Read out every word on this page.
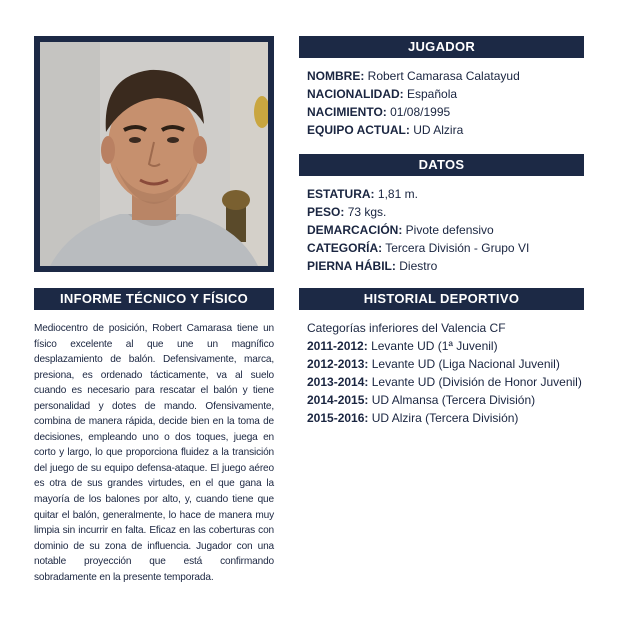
JUGADOR
NOMBRE: Robert Camarasa Calatayud
NACIONALIDAD: Española
NACIMIENTO: 01/08/1995
EQUIPO ACTUAL: UD Alzira
DATOS
ESTATURA: 1,81 m.
PESO: 73 kgs.
DEMARCACIÓN: Pivote defensivo
CATEGORÍA: Tercera División - Grupo VI
PIERNA HÁBIL: Diestro
INFORME TÉCNICO Y FÍSICO
Mediocentro de posición, Robert Camarasa tiene un físico excelente al que une un magnífico desplazamiento de balón. Defensivamente, marca, presiona, es ordenado tácticamente, va al suelo cuando es necesario para rescatar el balón y tiene personalidad y dotes de mando. Ofensivamente, combina de manera rápida, decide bien en la toma de decisiones, empleando uno o dos toques, juega en corto y largo, lo que proporciona fluidez a la transición del juego de su equipo defensa-ataque. El juego aéreo es otra de sus grandes virtudes, en el que gana la mayoría de los balones por alto, y, cuando tiene que quitar el balón, generalmente, lo hace de manera muy limpia sin incurrir en falta. Eficaz en las coberturas con dominio de su zona de influencia. Jugador con una notable proyección que está confirmando sobradamente en la presente temporada.
HISTORIAL DEPORTIVO
Categorías inferiores del Valencia CF
2011-2012: Levante UD (1ª Juvenil)
2012-2013: Levante UD (Liga Nacional Juvenil)
2013-2014: Levante UD (División de Honor Juvenil)
2014-2015: UD Almansa (Tercera División)
2015-2016: UD Alzira (Tercera División)
